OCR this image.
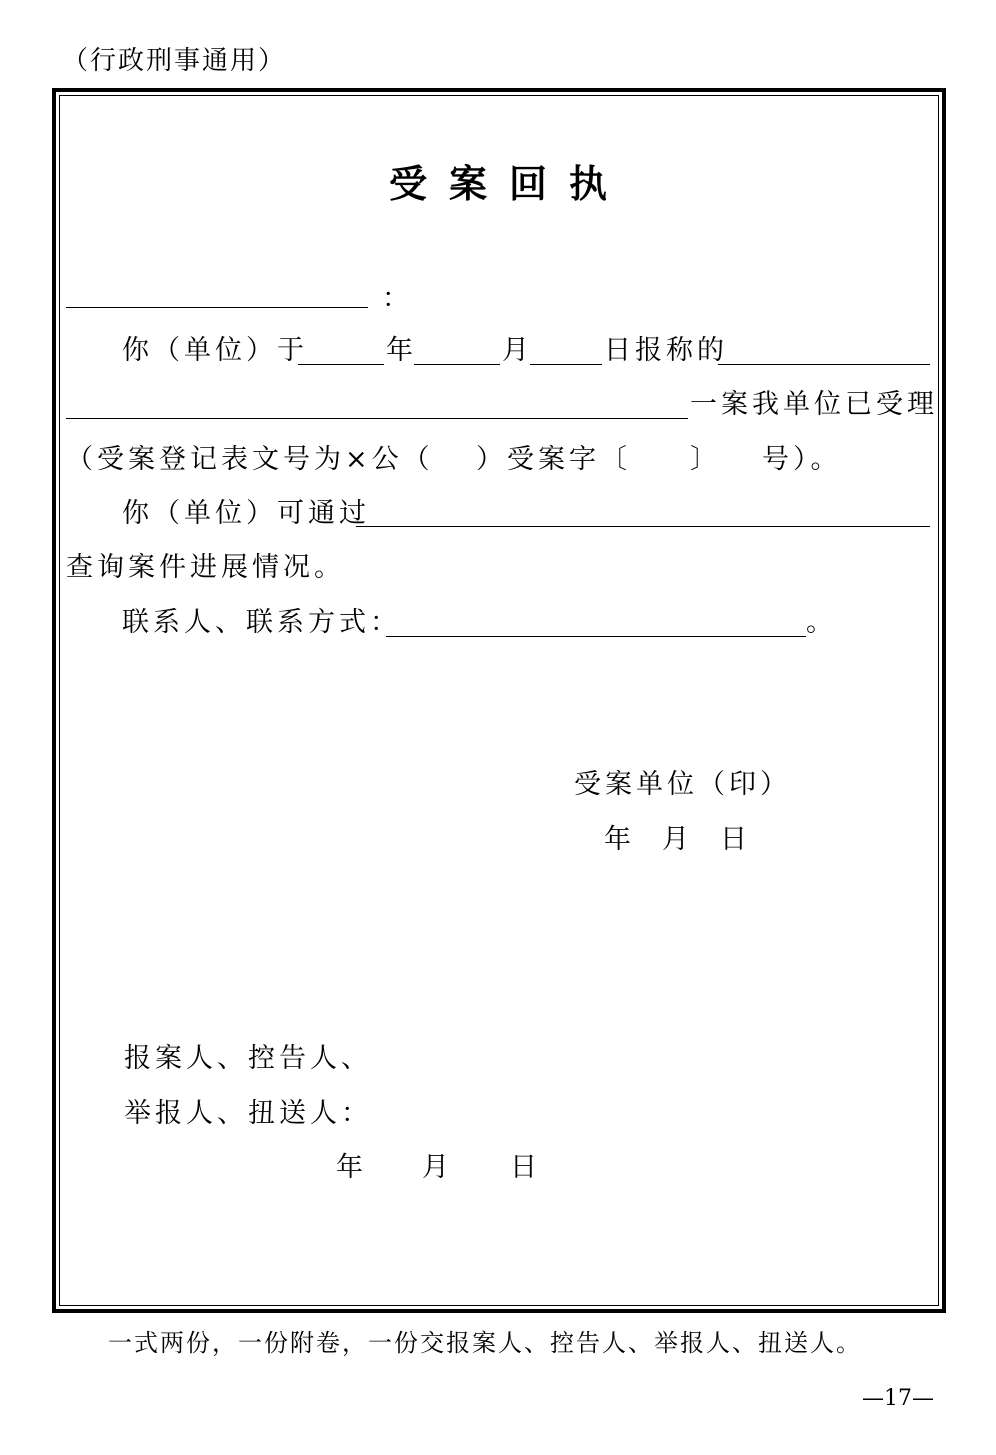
（行政刑事通用）
受案回执
：
你（单位）于	年	月	日报称的
一案我单位已受理
（受案登记表文号为×公（ ）受案字〔 〕 号）。
你（单位）可通过
查询案件进展情况。
联系人、联系方式：	。
受案单位（印）
年 月 日
报案人、控告人、
举报人、扭送人：
年 月 日
一式两份，一份附卷，一份交报案人、控告人、举报人、扭送人。
—17—
